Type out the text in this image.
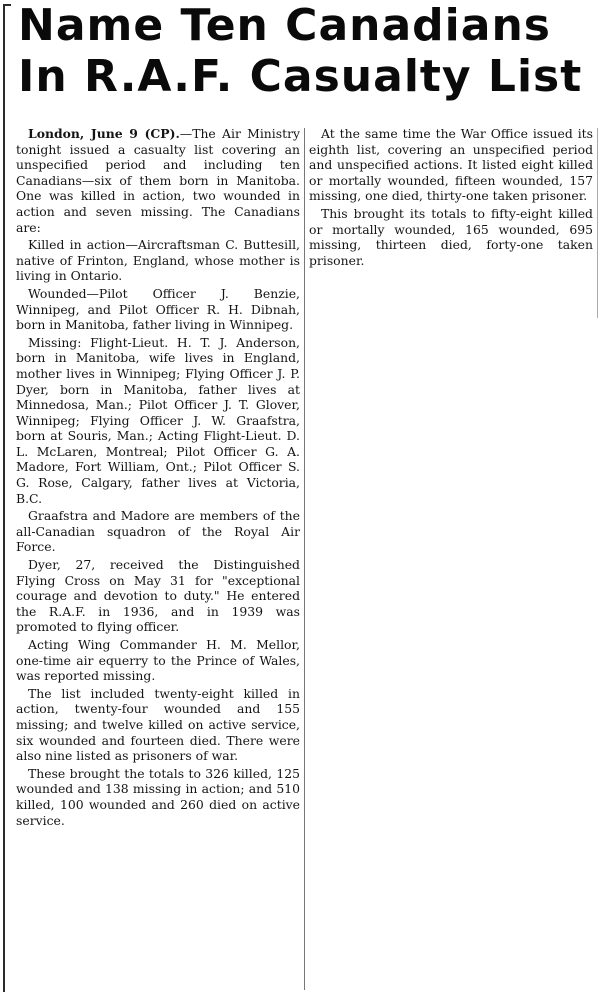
Name Ten Canadians
In R.A.F. Casualty List

London, June 9 (CP).—The Air Ministry tonight issued a casualty list covering an unspecified period and including ten Canadians—six of them born in Manitoba. One was killed in action, two wounded in action and seven missing. The Canadians are:

Killed in action—Aircraftsman C. Buttesill, native of Frinton, England, whose mother is living in Ontario.

Wounded—Pilot Officer J. Benzie, Winnipeg, and Pilot Officer R. H. Dibnah, born in Manitoba, father living in Winnipeg.

Missing: Flight-Lieut. H. T. J. Anderson, born in Manitoba, wife lives in England, mother lives in Winnipeg; Flying Officer J. P. Dyer, born in Manitoba, father lives at Minnedosa, Man.; Pilot Officer J. T. Glover, Winnipeg; Flying Officer J. W. Graafstra, born at Souris, Man.; Acting Flight-Lieut. D. L. McLaren, Montreal; Pilot Officer G. A. Madore, Fort William, Ont.; Pilot Officer S. G. Rose, Calgary, father lives at Victoria, B.C.

Graafstra and Madore are members of the all-Canadian squadron of the Royal Air Force.

Dyer, 27, received the Distinguished Flying Cross on May 31 for "exceptional courage and devotion to duty." He entered the R.A.F. in 1936, and in 1939 was promoted to flying officer.

Acting Wing Commander H. M. Mellor, one-time air equerry to the Prince of Wales, was reported missing.

The list included twenty-eight killed in action, twenty-four wounded and 155 missing; and twelve killed on active service, six wounded and fourteen died. There were also nine listed as prisoners of war.

These brought the totals to 326 killed, 125 wounded and 138 missing in action; and 510 killed, 100 wounded and 260 died on active service.

At the same time the War Office issued its eighth list, covering an unspecified period and unspecified actions. It listed eight killed or mortally wounded, fifteen wounded, 157 missing, one died, thirty-one taken prisoner.

This brought its totals to fifty-eight killed or mortally wounded, 165 wounded, 695 missing, thirteen died, forty-one taken prisoner.
